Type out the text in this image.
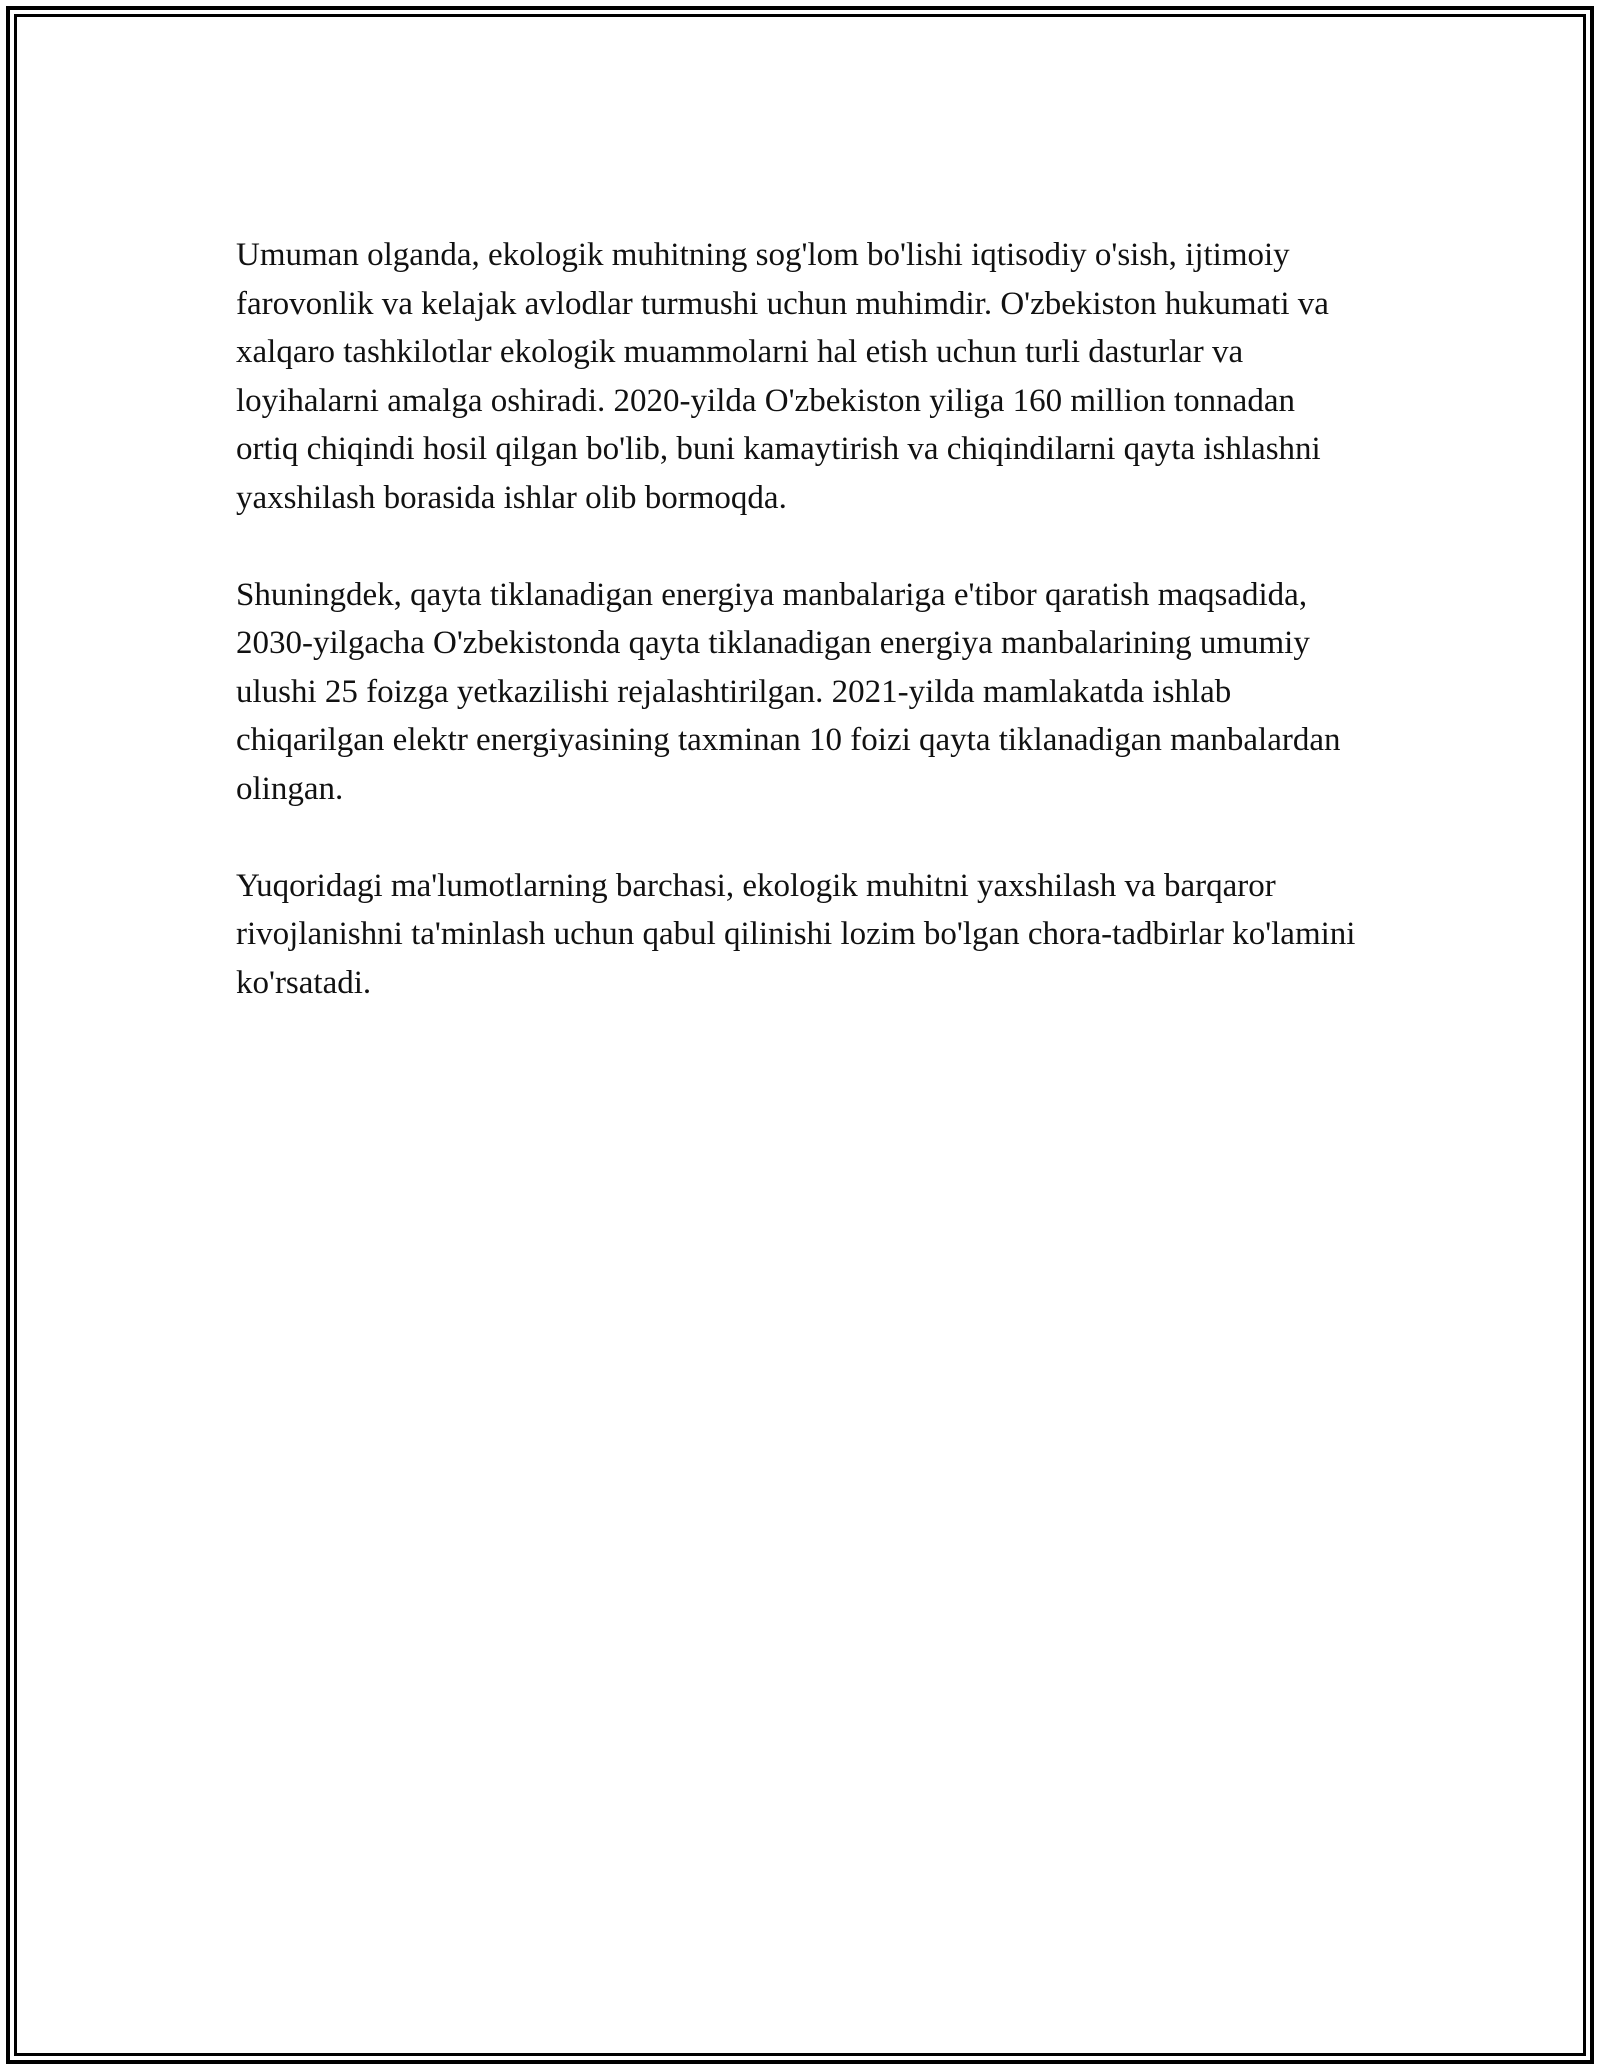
Umuman olganda, ekologik muhitning sog'lom bo'lishi iqtisodiy o'sish, ijtimoiy farovonlik va kelajak avlodlar turmushi uchun muhimdir. O'zbekiston hukumati va xalqaro tashkilotlar ekologik muammolarni hal etish uchun turli dasturlar va loyihalarni amalga oshiradi. 2020-yilda O'zbekiston yiliga 160 million tonnadan ortiq chiqindi hosil qilgan bo'lib, buni kamaytirish va chiqindilarni qayta ishlashni yaxshilash borasida ishlar olib bormoqda.

Shuningdek, qayta tiklanadigan energiya manbalariga e'tibor qaratish maqsadida, 2030-yilgacha O'zbekistonda qayta tiklanadigan energiya manbalarining umumiy ulushi 25 foizga yetkazilishi rejalashtirilgan. 2021-yilda mamlakatda ishlab chiqarilgan elektr energiyasining taxminan 10 foizi qayta tiklanadigan manbalardan olingan.

Yuqoridagi ma'lumotlarning barchasi, ekologik muhitni yaxshilash va barqaror rivojlanishni ta'minlash uchun qabul qilinishi lozim bo'lgan chora-tadbirlar ko'lamini ko'rsatadi.
